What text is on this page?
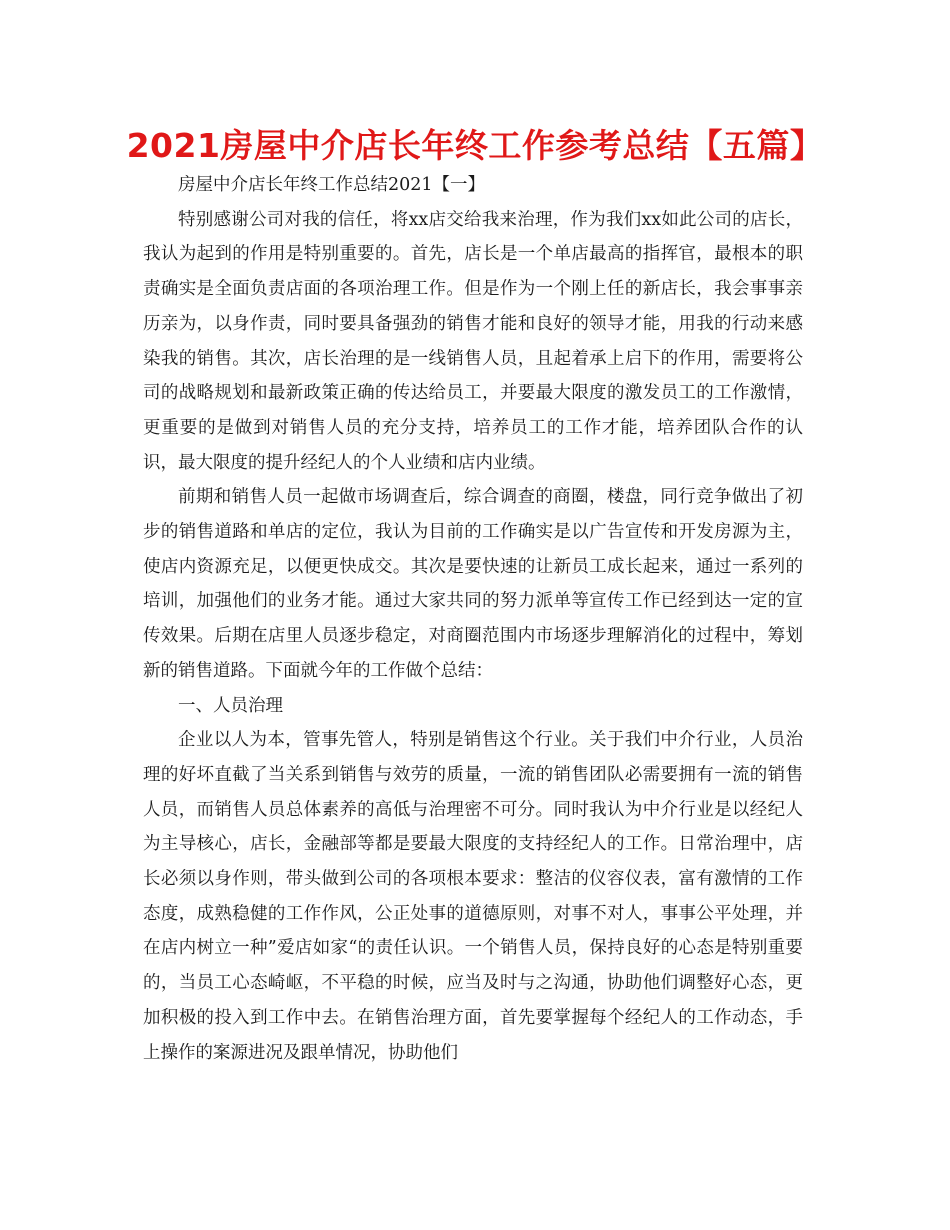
2021房屋中介店长年终工作参考总结【五篇】

房屋中介店长年终工作总结2021【一】

特别感谢公司对我的信任，将xx店交给我来治理，作为我们xx如此公司的店长，我认为起到的作用是特别重要的。首先，店长是一个单店最高的指挥官，最根本的职责确实是全面负责店面的各项治理工作。但是作为一个刚上任的新店长，我会事事亲历亲为，以身作责，同时要具备强劲的销售才能和良好的领导才能，用我的行动来感染我的销售。其次，店长治理的是一线销售人员，且起着承上启下的作用，需要将公司的战略规划和最新政策正确的传达给员工，并要最大限度的激发员工的工作激情，更重要的是做到对销售人员的充分支持，培养员工的工作才能，培养团队合作的认识，最大限度的提升经纪人的个人业绩和店内业绩。

前期和销售人员一起做市场调查后，综合调查的商圈，楼盘，同行竞争做出了初步的销售道路和单店的定位，我认为目前的工作确实是以广告宣传和开发房源为主，使店内资源充足，以便更快成交。其次是要快速的让新员工成长起来，通过一系列的培训，加强他们的业务才能。通过大家共同的努力派单等宣传工作已经到达一定的宣传效果。后期在店里人员逐步稳定，对商圈范围内市场逐步理解消化的过程中，筹划新的销售道路。下面就今年的工作做个总结：

一、人员治理

企业以人为本，管事先管人，特别是销售这个行业。关于我们中介行业，人员治理的好坏直截了当关系到销售与效劳的质量，一流的销售团队必需要拥有一流的销售人员，而销售人员总体素养的高低与治理密不可分。同时我认为中介行业是以经纪人为主导核心，店长，金融部等都是要最大限度的支持经纪人的工作。日常治理中，店长必须以身作则，带头做到公司的各项根本要求：整洁的仪容仪表，富有激情的工作态度，成熟稳健的工作作风，公正处事的道德原则，对事不对人，事事公平处理，并在店内树立一种”爱店如家“的责任认识。一个销售人员，保持良好的心态是特别重要的，当员工心态崎岖，不平稳的时候，应当及时与之沟通，协助他们调整好心态，更加积极的投入到工作中去。在销售治理方面，首先要掌握每个经纪人的工作动态，手上操作的案源进况及跟单情况，协助他们
